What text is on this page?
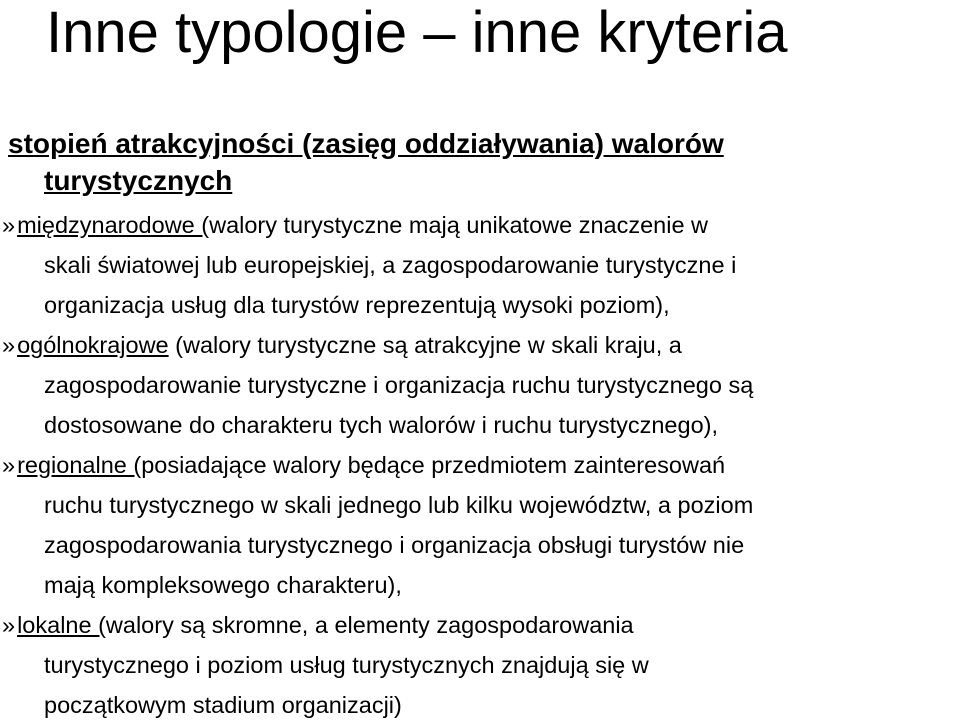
Inne typologie – inne kryteria
stopień atrakcyjności (zasięg oddziaływania) walorów
turystycznych
»międzynarodowe (walory turystyczne mają unikatowe znaczenie w
skali światowej lub europejskiej, a zagospodarowanie turystyczne i
organizacja usług dla turystów reprezentują wysoki poziom),
»ogólnokrajowe (walory turystyczne są atrakcyjne w skali kraju, a
zagospodarowanie turystyczne i organizacja ruchu turystycznego są
dostosowane do charakteru tych walorów i ruchu turystycznego),
»regionalne (posiadające walory będące przedmiotem zainteresowań
ruchu turystycznego w skali jednego lub kilku województw, a poziom
zagospodarowania turystycznego i organizacja obsługi turystów nie
mają kompleksowego charakteru),
»lokalne (walory są skromne, a elementy zagospodarowania
turystycznego i poziom usług turystycznych znajdują się w
początkowym stadium organizacji)
